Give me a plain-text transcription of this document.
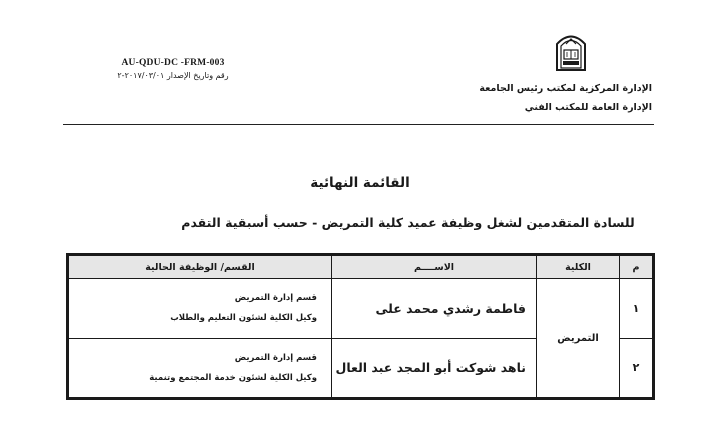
AU-QDU-DC -FRM-003
رقم وتاريخ الإصدار ٢٠١٧/٠٣/٠١-٢
الإدارة المركزية لمكتب رئيس الجامعة
الإدارة العامة للمكتب الفني
القائمة النهائية
للسادة المتقدمين لشغل وظيفة عميد كلية التمريض - حسب أسبقية التقدم
م	الكلية	الاســــم	القسم/ الوظيفة الحالية
١	التمريض	فاطمة رشدي محمد على	قسم إدارة التمريض
وكيل الكلية لشئون التعليم والطلاب

٢		ناهد شوكت أبو المجد عبد العال	قسم إدارة التمريض
وكيل الكلية لشئون خدمة المجتمع وتنمية
